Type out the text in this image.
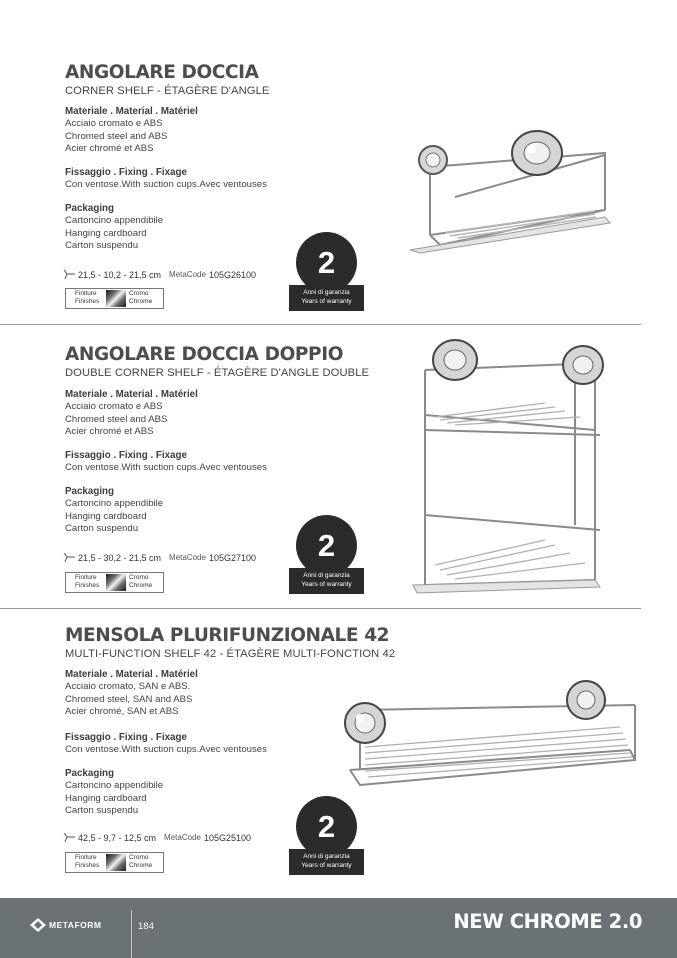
ANGOLARE DOCCIA
CORNER SHELF - ÉTAGÈRE D'ANGLE
Materiale . Material . Matériel
Acciaio cromato e ABS
Chromed steel and ABS
Acier chromé et ABS
Fissaggio . Fixing . Fixage
Con ventose.With suction cups.Avec ventouses
Packaging
Cartoncino appendibile
Hanging cardboard
Carton suspendu
21,5 - 10,2 - 21,5 cm MetaCode 105G26100
Finiture
Finishes
Cromo
Chrome
2
Anni di garanzia
Years of warranty
ANGOLARE DOCCIA DOPPIO
DOUBLE CORNER SHELF - ÉTAGÈRE D'ANGLE DOUBLE
Materiale . Material . Matériel
Acciaio cromato e ABS
Chromed steel and ABS
Acier chromé et ABS
Fissaggio . Fixing . Fixage
Con ventose.With suction cups.Avec ventouses
Packaging
Cartoncino appendibile
Hanging cardboard
Carton suspendu
21,5 - 30,2 - 21,5 cm MetaCode 105G27100
Finiture
Finishes
Cromo
Chrome
2
Anni di garanzia
Years of warranty
MENSOLA PLURIFUNZIONALE 42
MULTI-FUNCTION SHELF 42 - ÉTAGÈRE MULTI-FONCTION 42
Materiale . Material . Matériel
Acciaio cromato, SAN e ABS.
Chromed steel, SAN and ABS
Acier chromé, SAN et ABS
Fissaggio . Fixing . Fixage
Con ventose.With suction cups.Avec ventouses
Packaging
Cartoncino appendibile
Hanging cardboard
Carton suspendu
42,5 - 9,7 - 12,5 cm MetaCode 105G25100
Finiture
Finishes
Cromo
Chrome
2
Anni di garanzia
Years of warranty
METAFORM	184	NEW CHROME 2.0
